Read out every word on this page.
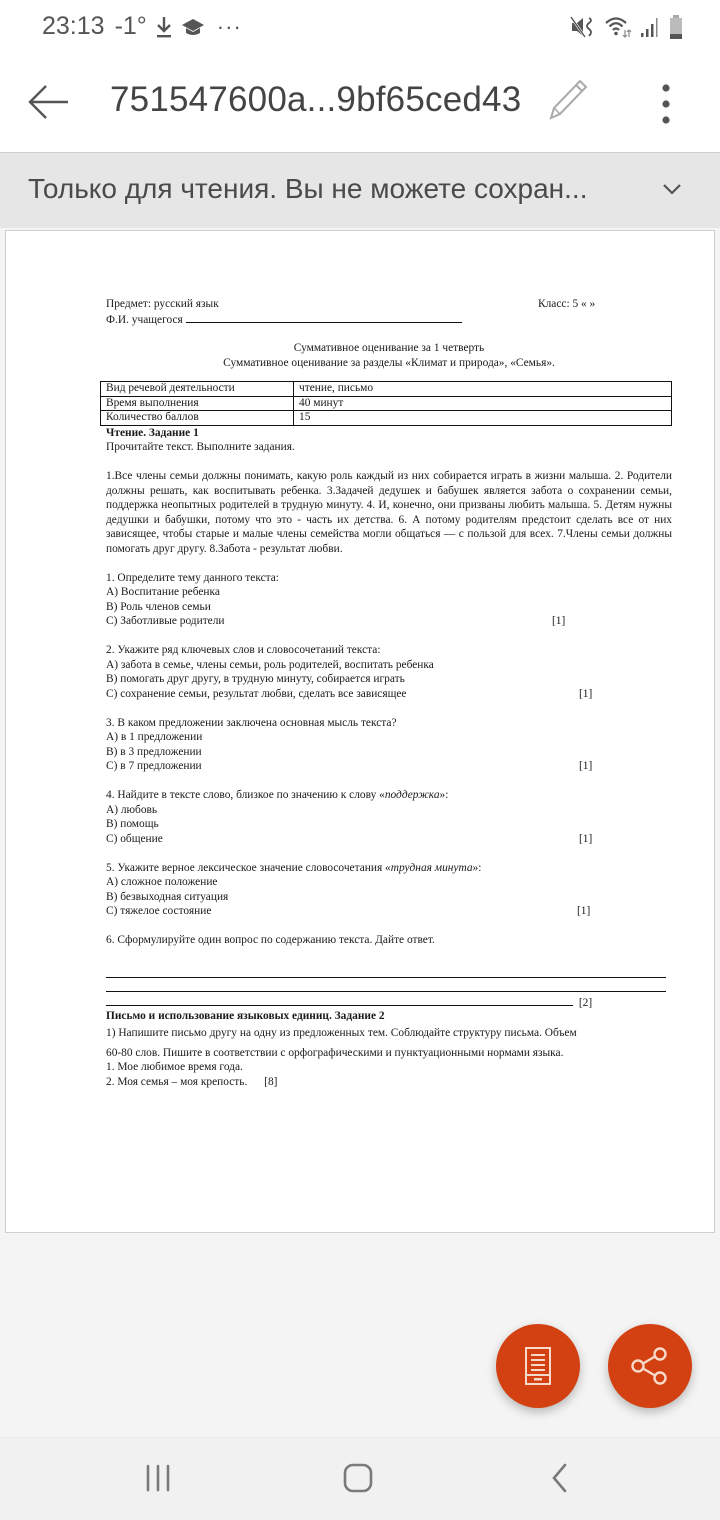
23:13 -1°	···
751547600a...9bf65ced43
Только для чтения. Вы не можете сохран...
Предмет: русский язык	Класс: 5 « »
Ф.И. учащегося
Суммативное оценивание за 1 четверть
Суммативное оценивание за разделы «Климат и природа», «Семья».
Вид речевой деятельности	чтение, письмо
Время выполнения	40 минут
Количество баллов	15
Чтение. Задание 1
Прочитайте текст. Выполните задания.
1.Все члены семьи должны понимать, какую роль каждый из них собирается играть в жизни малыша. 2. Родители должны решать, как воспитывать ребенка. 3.Задачей дедушек и бабушек является забота о сохранении семьи, поддержка неопытных родителей в трудную минуту. 4. И, конечно, они призваны любить малыша. 5. Детям нужны дедушки и бабушки, потому что это - часть их детства. 6. А потому родителям предстоит сделать все от них зависящее, чтобы старые и малые члены семейства могли общаться — с пользой для всех. 7.Члены семьи должны помогать друг другу. 8.Забота - результат любви.
1. Определите тему данного текста:
A) Воспитание ребенка
B) Роль членов семьи
C) Заботливые родители	[1]
2. Укажите ряд ключевых слов и словосочетаний текста:
A) забота в семье, члены семьи, роль родителей, воспитать ребенка
B) помогать друг другу, в трудную минуту, собирается играть
C) сохранение семьи, результат любви, сделать все зависящее	[1]
3. В каком предложении заключена основная мысль текста?
A) в 1 предложении
B) в 3 предложении
C) в 7 предложении	[1]
4. Найдите в тексте слово, близкое по значению к слову «поддержка»:
A) любовь
B) помощь
C) общение	[1]
5. Укажите верное лексическое значение словосочетания «трудная минута»:
A) сложное положение
B) безвыходная ситуация
C) тяжелое состояние	[1]
6. Сформулируйте один вопрос по содержанию текста. Дайте ответ.
[2]
Письмо и использование языковых единиц. Задание 2
1) Напишите письмо другу на одну из предложенных тем. Соблюдайте структуру письма. Объем
60-80 слов. Пишите в соответствии с орфографическими и пунктуационными нормами языка.
1. Мое любимое время года.
2. Моя семья – моя крепость. [8]
